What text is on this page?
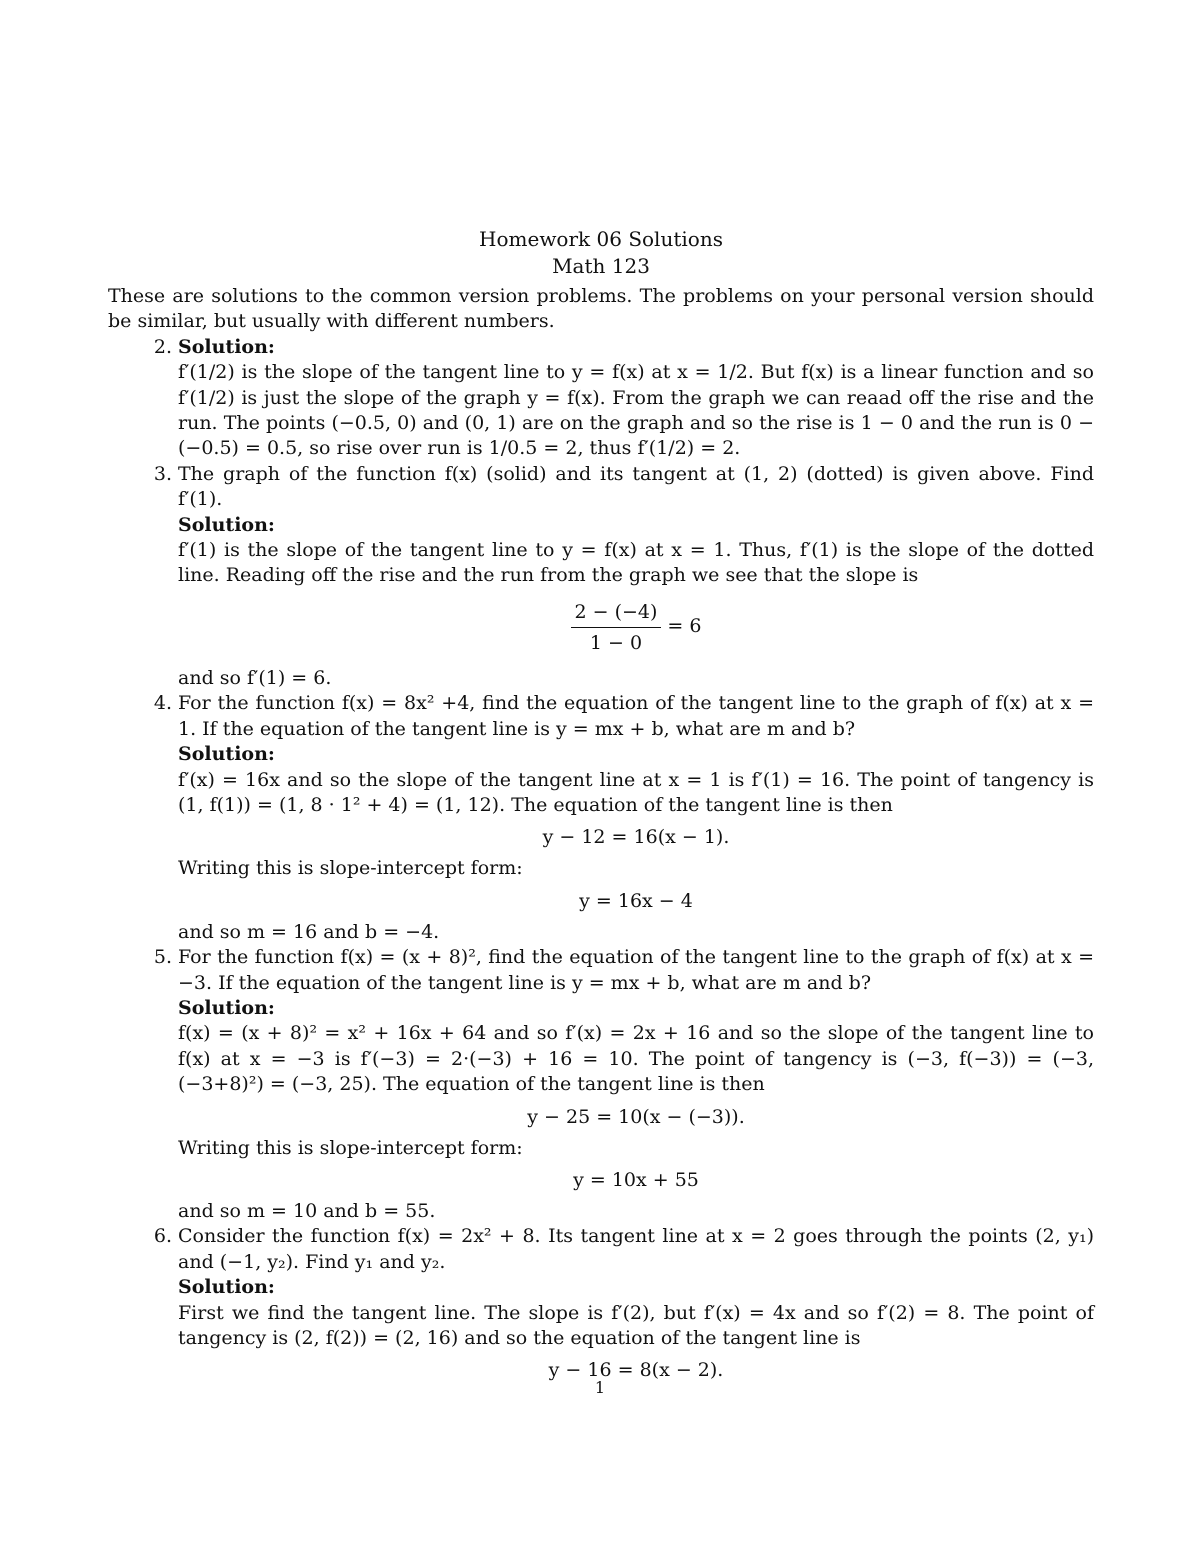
Homework 06 Solutions
Math 123

These are solutions to the common version problems. The problems on your personal version should be similar, but usually with different numbers.

2. Solution:
f′(1/2) is the slope of the tangent line to y = f(x) at x = 1/2. But f(x) is a linear function and so f′(1/2) is just the slope of the graph y = f(x). From the graph we can reaad off the rise and the run. The points (−0.5, 0) and (0, 1) are on the graph and so the rise is 1 − 0 and the run is 0 − (−0.5) = 0.5, so rise over run is 1/0.5 = 2, thus f′(1/2) = 2.
3. The graph of the function f(x) (solid) and its tangent at (1, 2) (dotted) is given above. Find f′(1).
Solution:
f′(1) is the slope of the tangent line to y = f(x) at x = 1. Thus, f′(1) is the slope of the dotted line. Reading off the rise and the run from the graph we see that the slope is
$\frac{2 - (-4)}{1 - 0} = 6$
and so f′(1) = 6.
4. For the function f(x) = 8x² +4, find the equation of the tangent line to the graph of f(x) at x = 1. If the equation of the tangent line is y = mx + b, what are m and b?
Solution:
f′(x) = 16x and so the slope of the tangent line at x = 1 is f′(1) = 16. The point of tangency is (1, f(1)) = (1, 8 · 1² + 4) = (1, 12). The equation of the tangent line is then
y − 12 = 16(x − 1).
Writing this is slope-intercept form:
y = 16x − 4
and so m = 16 and b = −4.
5. For the function f(x) = (x + 8)², find the equation of the tangent line to the graph of f(x) at x = −3. If the equation of the tangent line is y = mx + b, what are m and b?
Solution:
f(x) = (x + 8)² = x² + 16x + 64 and so f′(x) = 2x + 16 and so the slope of the tangent line to f(x) at x = −3 is f′(−3) = 2·(−3) + 16 = 10. The point of tangency is (−3, f(−3)) = (−3, (−3+8)²) = (−3, 25). The equation of the tangent line is then
y − 25 = 10(x − (−3)).
Writing this is slope-intercept form:
y = 10x + 55
and so m = 10 and b = 55.
6. Consider the function f(x) = 2x² + 8. Its tangent line at x = 2 goes through the points (2, y₁) and (−1, y₂). Find y₁ and y₂.
Solution:
First we find the tangent line. The slope is f′(2), but f′(x) = 4x and so f′(2) = 8. The point of tangency is (2, f(2)) = (2, 16) and so the equation of the tangent line is
y − 16 = 8(x − 2).
1
